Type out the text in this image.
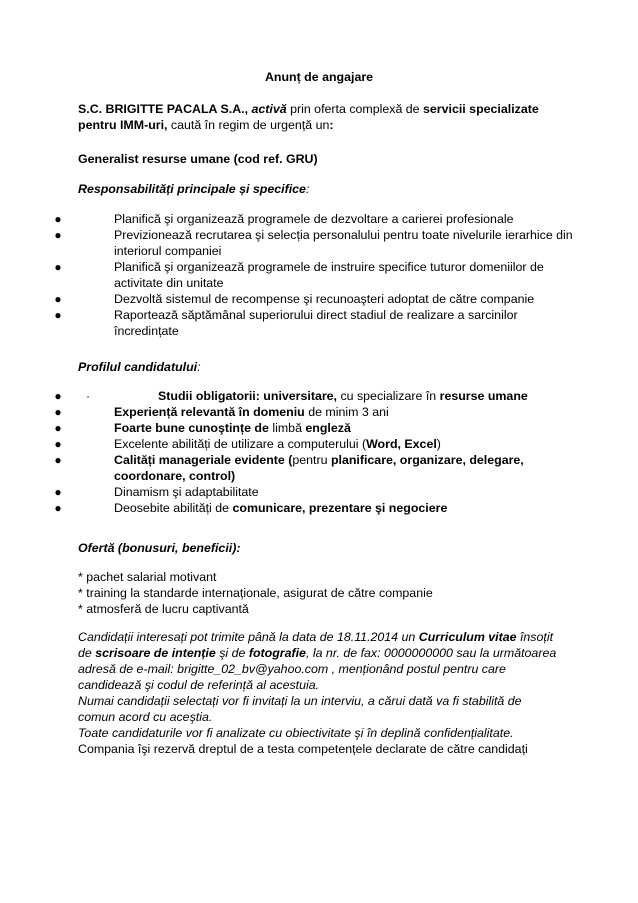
Anunț de angajare
S.C. BRIGITTE PACALA S.A., activă prin oferta complexă de servicii specializate pentru IMM-uri, caută în regim de urgență un:
Generalist resurse umane (cod ref. GRU)
Responsabilități principale și specifice:
●	Planifică şi organizează programele de dezvoltare a carierei profesionale
●	Previzionează recrutarea şi selecția personalului pentru toate nivelurile ierarhice din interiorul companiei
●	Planifică şi organizează programele de instruire specifice tuturor domeniilor de activitate din unitate
●	Dezvoltă sistemul de recompense şi recunoaşteri adoptat de către companie
●	Raportează săptămânal superiorului direct stadiul de realizare a sarcinilor încredințate
Profilul candidatului:
●	·	Studii obligatorii: universitare, cu specializare în resurse umane
●	Experiență relevantă în domeniu de minim 3 ani
●	Foarte bune cunoştințe de limbă engleză
●	Excelente abilități de utilizare a computerului (Word, Excel)
●	Calități manageriale evidente (pentru planificare, organizare, delegare, coordonare, control)
●	Dinamism şi adaptabilitate
●	Deosebite abilități de comunicare, prezentare şi negociere
Ofertă (bonusuri, beneficii):
* pachet salarial motivant
* training la standarde internaționale, asigurat de către companie
* atmosferă de lucru captivantă
Candidații interesați pot trimite până la data de 18.11.2014 un Curriculum vitae însoțit de scrisoare de intenție şi de fotografie, la nr. de fax: 0000000000 sau la următoarea adresă de e-mail: brigitte_02_bv@yahoo.com , menționând postul pentru care candidează şi codul de referință al acestuia.
Numai candidații selectați vor fi invitați la un interviu, a cărui dată va fi stabilită de comun acord cu aceştia.
Toate candidaturile vor fi analizate cu obiectivitate şi în deplină confidențialitate.
Compania îşi rezervă dreptul de a testa competențele declarate de către candidați
